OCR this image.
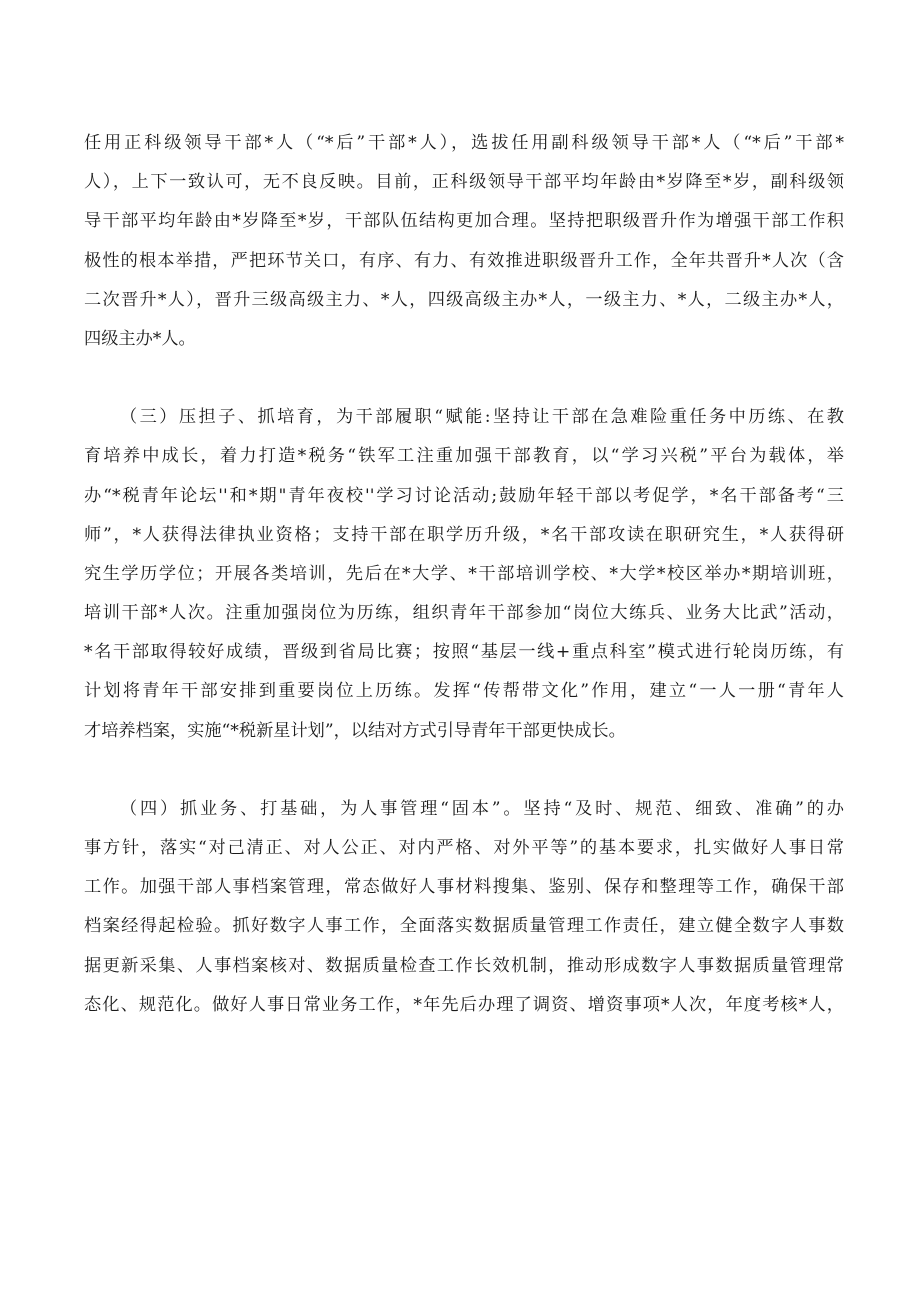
任用正科级领导干部*人（“*后”干部*人），选拔任用副科级领导干部*人（“*后”干部*
人），上下一致认可，无不良反映。目前，正科级领导干部平均年龄由*岁降至*岁，副科级领
导干部平均年龄由*岁降至*岁，干部队伍结构更加合理。坚持把职级晋升作为增强干部工作积
极性的根本举措，严把环节关口，有序、有力、有效推进职级晋升工作，全年共晋升*人次（含
二次晋升*人），晋升三级高级主力、*人，四级高级主办*人，一级主力、*人，二级主办*人，
四级主办*人。
（三）压担子、抓培育，为干部履职“赋能:坚持让干部在急难险重任务中历练、在教
育培养中成长，着力打造*税务“铁军工注重加强干部教育，以“学习兴税”平台为载体，举
办“*税青年论坛''和*期"青年夜校''学习讨论活动;鼓励年轻干部以考促学，*名干部备考“三
师”，*人获得法律执业资格；支持干部在职学历升级，*名干部攻读在职研究生，*人获得研
究生学历学位；开展各类培训，先后在*大学、*干部培训学校、*大学*校区举办*期培训班，
培训干部*人次。注重加强岗位为历练，组织青年干部参加“岗位大练兵、业务大比武”活动，
*名干部取得较好成绩，晋级到省局比赛；按照“基层一线+重点科室”模式进行轮岗历练，有
计划将青年干部安排到重要岗位上历练。发挥“传帮带文化”作用，建立“一人一册“青年人
才培养档案，实施“*税新星计划”，以结对方式引导青年干部更快成长。
（四）抓业务、打基础，为人事管理“固本”。坚持“及时、规范、细致、准确”的办
事方针，落实“对己清正、对人公正、对内严格、对外平等”的基本要求，扎实做好人事日常
工作。加强干部人事档案管理，常态做好人事材料搜集、鉴别、保存和整理等工作，确保干部
档案经得起检验。抓好数字人事工作，全面落实数据质量管理工作责任，建立健全数字人事数
据更新采集、人事档案核对、数据质量检查工作长效机制，推动形成数字人事数据质量管理常
态化、规范化。做好人事日常业务工作，*年先后办理了调资、增资事项*人次，年度考核*人，
